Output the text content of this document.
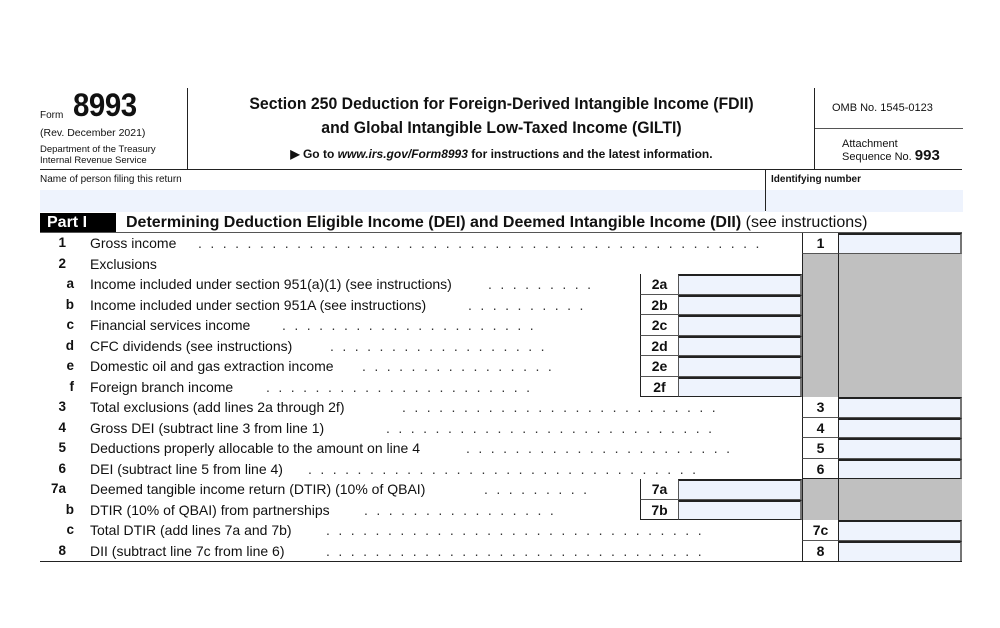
Form 8993
(Rev. December 2021)
Department of the Treasury
Internal Revenue Service
Section 250 Deduction for Foreign-Derived Intangible Income (FDII)
and Global Intangible Low-Taxed Income (GILTI)
▶ Go to www.irs.gov/Form8993 for instructions and the latest information.
OMB No. 1545-0123
Attachment
Sequence No. 993
Name of person filing this return	Identifying number
Part I	Determining Deduction Eligible Income (DEI) and Deemed Intangible Income (DII) (see instructions)
1 Gross income ..............................................	1
2 Exclusions
a Income included under section 951(a)(1) (see instructions)	.........	2a
b Income included under section 951A (see instructions)	..........	2b
c Financial services income .....................	2c
d CFC dividends (see instructions)	..................	2d
e Domestic oil and gas extraction income ................	2e
f Foreign branch income ......................	2f
3 Total exclusions (add lines 2a through 2f)	..........................	3
4 Gross DEI (subtract line 3 from line 1)	...........................	4
5 Deductions properly allocable to the amount on line 4	......................	5
6 DEI (subtract line 5 from line 4) ................................	6
7a Deemed tangible income return (DTIR) (10% of QBAI)	.........	7a
b DTIR (10% of QBAI) from partnerships ................	7b
c Total DTIR (add lines 7a and 7b) ...............................	7c
8 DII (subtract line 7c from line 6)	...............................	8
